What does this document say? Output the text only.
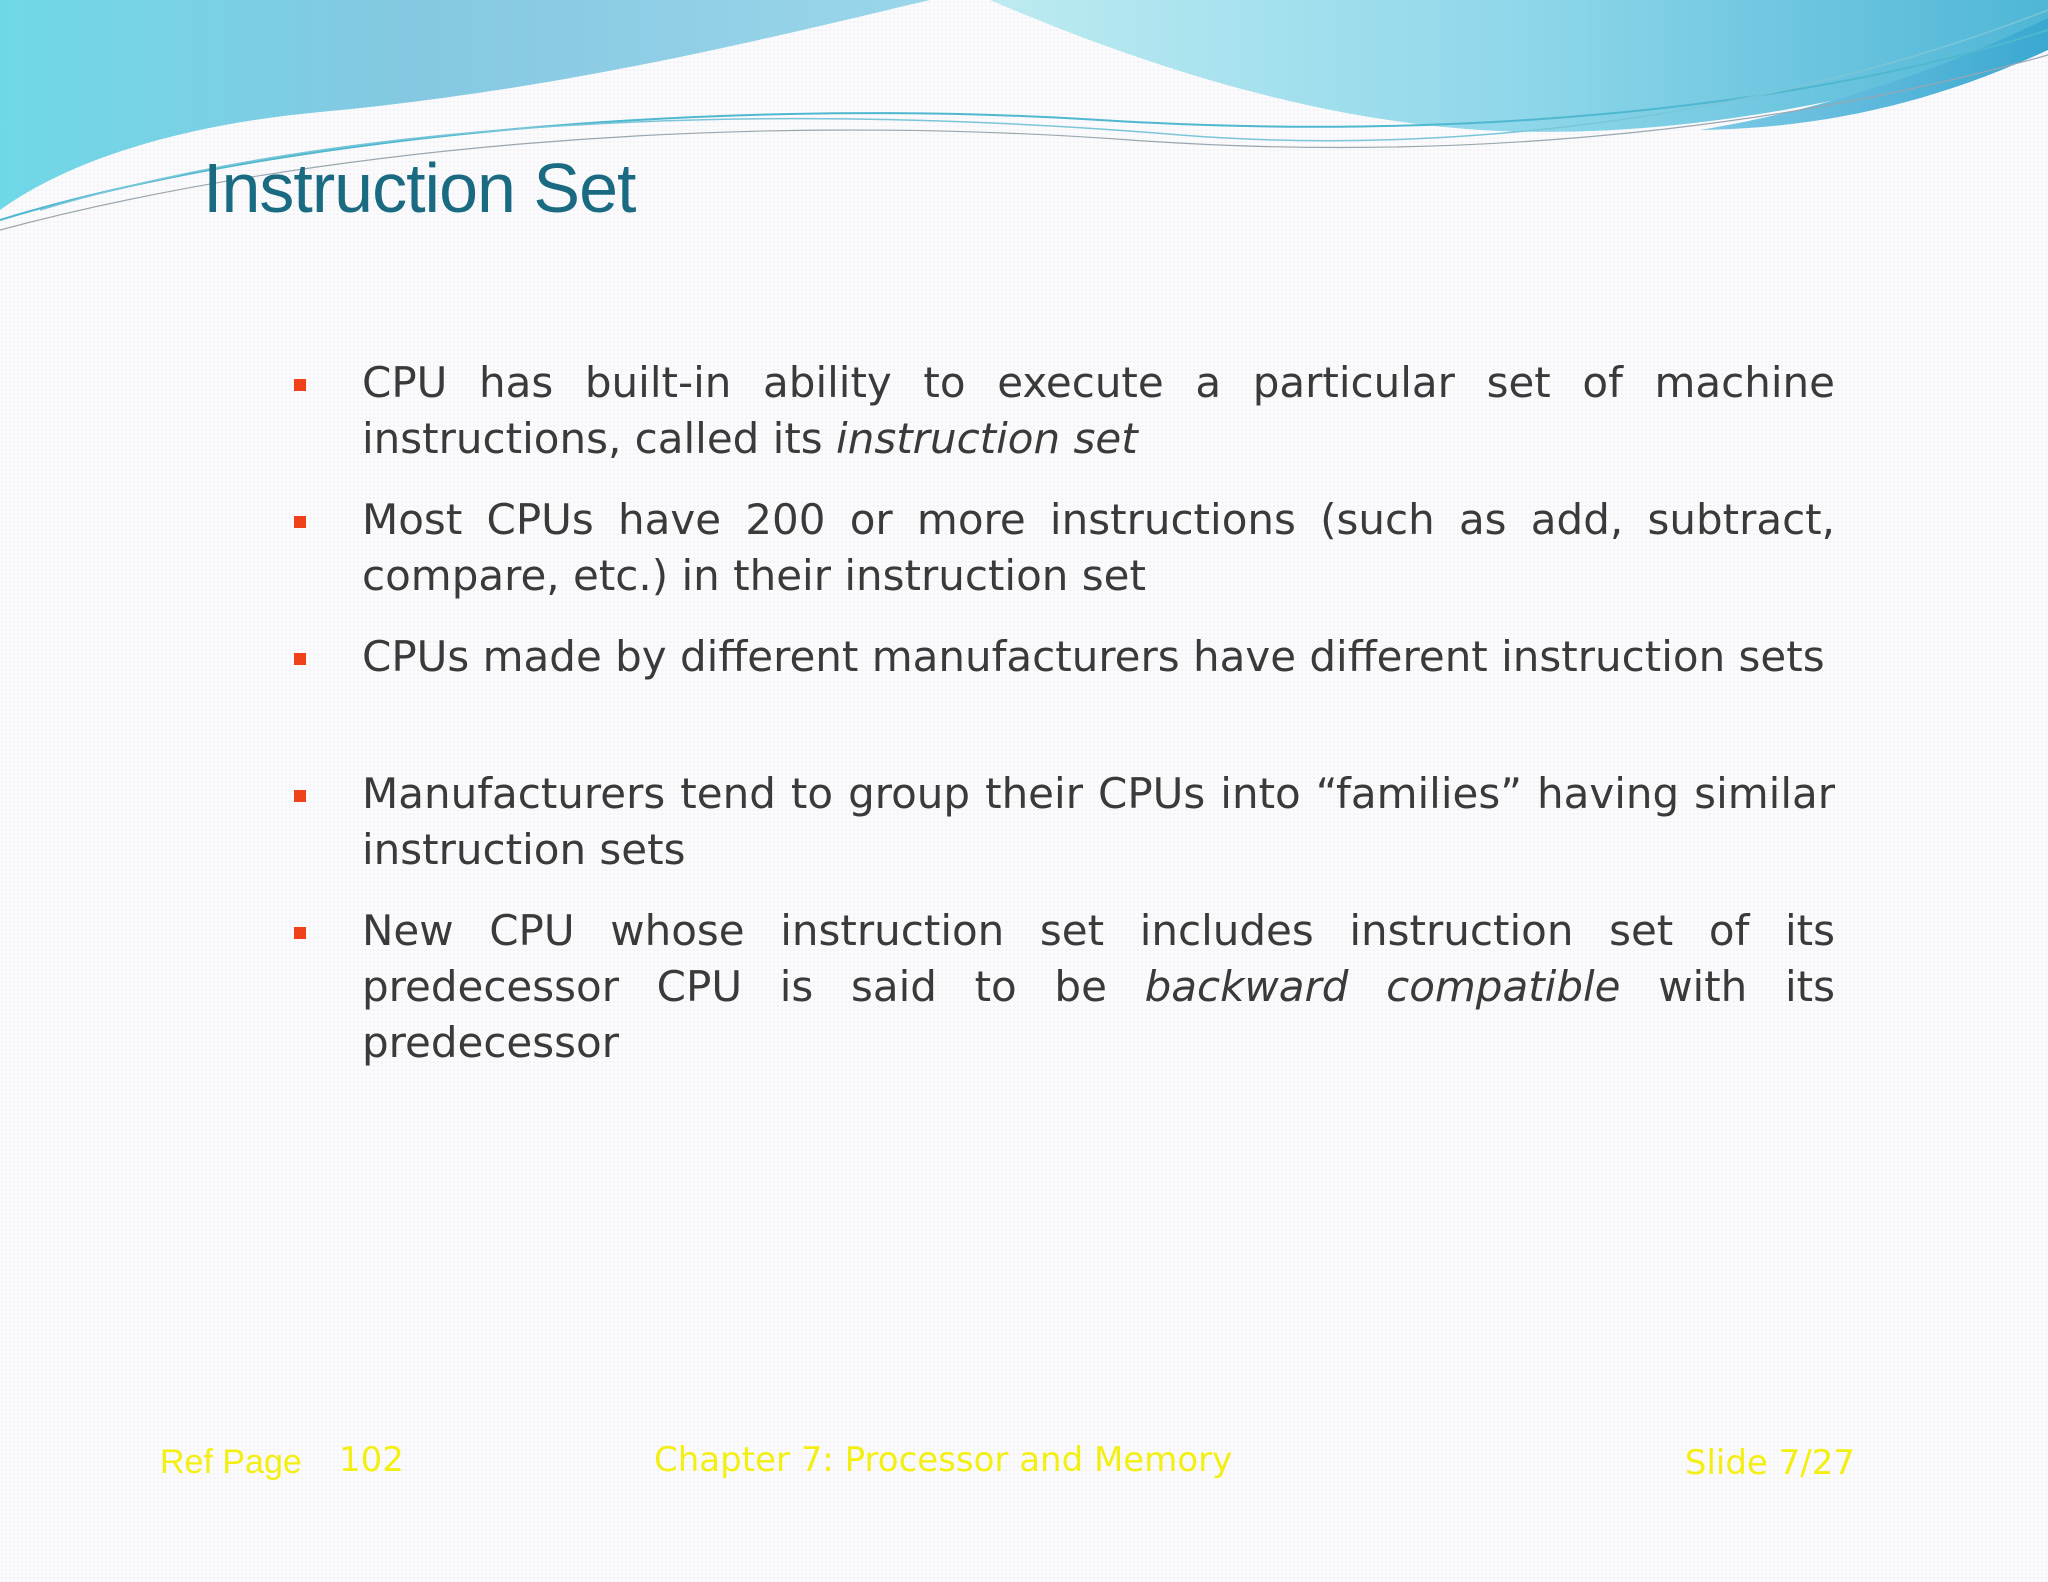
Instruction Set
CPU has built-in ability to execute a particular set of machine instructions, called its instruction set
Most CPUs have 200 or more instructions (such as add, subtract, compare, etc.) in their instruction set
CPUs made by different manufacturers have different instruction sets
Manufacturers tend to group their CPUs into “families” having similar instruction sets
New CPU whose instruction set includes instruction set of its predecessor CPU is said to be backward compatible with its predecessor
Ref Page 102	Chapter 7: Processor and Memory	Slide 7/27
